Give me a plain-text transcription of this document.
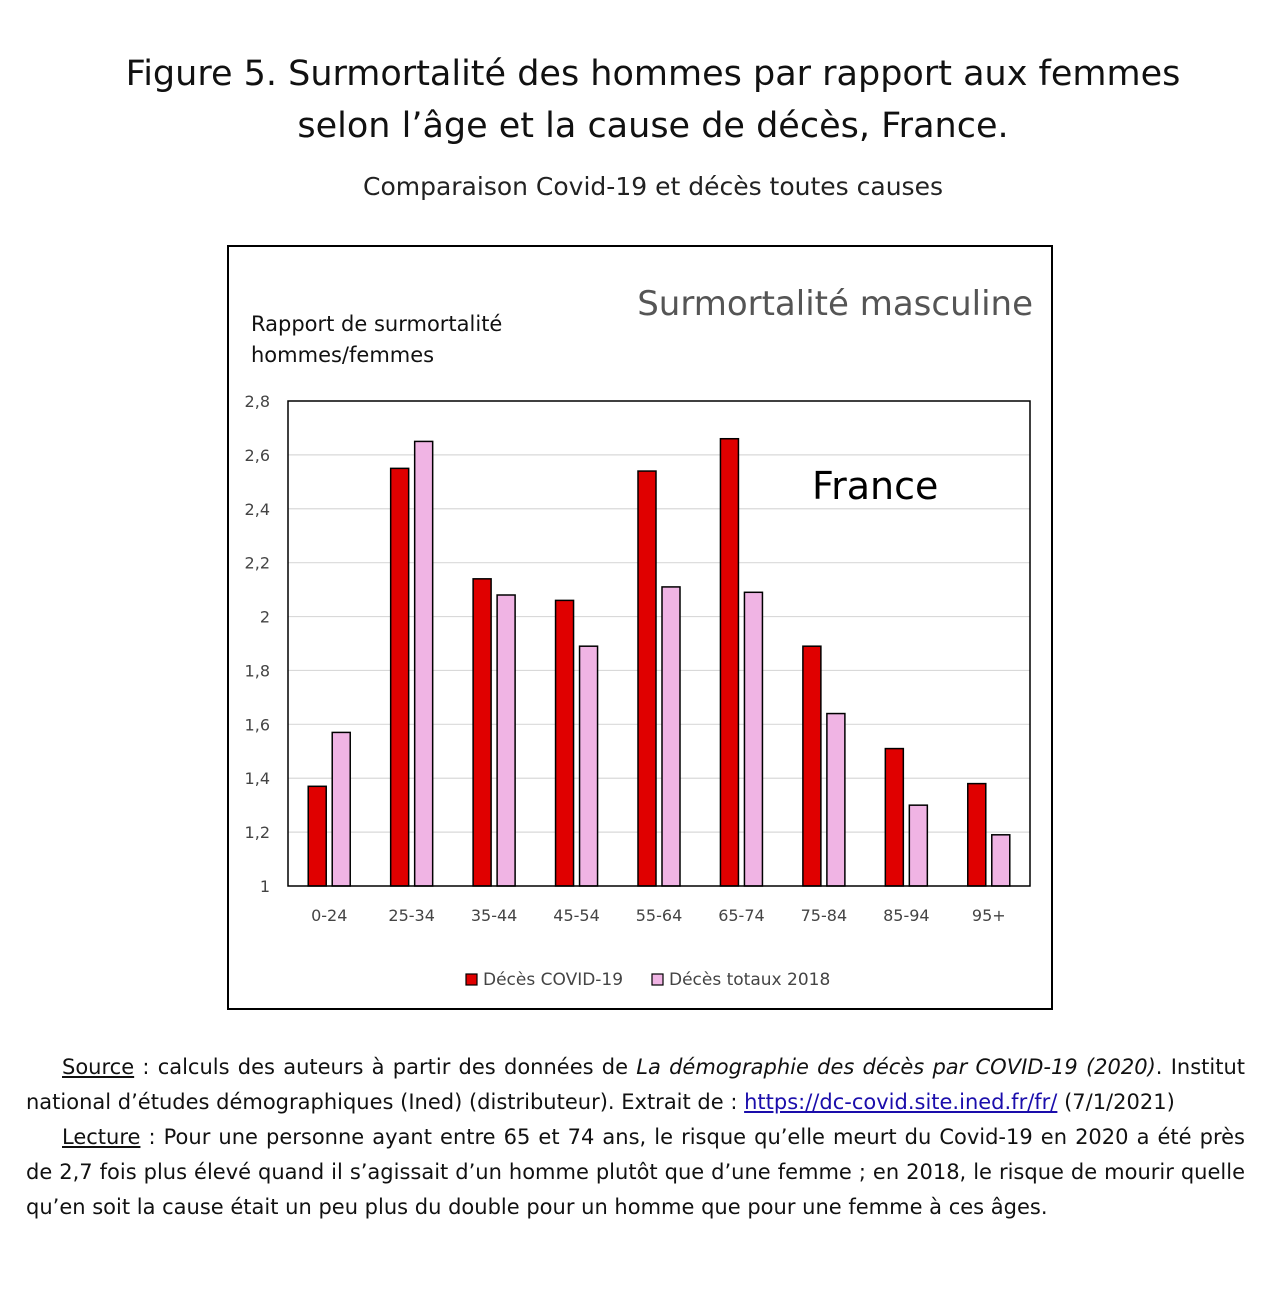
Figure 5. Surmortalité des hommes par rapport aux femmes
selon l’âge et la cause de décès, France.
Comparaison Covid-19 et décès toutes causes
1
1,2
1,4
1,6
1,8
2
2,2
2,4
2,6
2,8
0-24	25-34 35-44 45-54 55-64 65-74 75-84 85-94	95+
Surmortalité masculine
Rapport de surmortalité
hommes/femmes
France
Décès COVID-19	Décès totaux 2018

Source : calculs des auteurs à partir des données de La démographie des décès par COVID-19 (2020). Institut national d’études démographiques (Ined) (distributeur). Extrait de : https://dc-covid.site.ined.fr/fr/ (7/1/2021)

Lecture : Pour une personne ayant entre 65 et 74 ans, le risque qu’elle meurt du Covid-19 en 2020 a été près de 2,7 fois plus élevé quand il s’agissait d’un homme plutôt que d’une femme ; en 2018, le risque de mourir quelle qu’en soit la cause était un peu plus du double pour un homme que pour une femme à ces âges.
